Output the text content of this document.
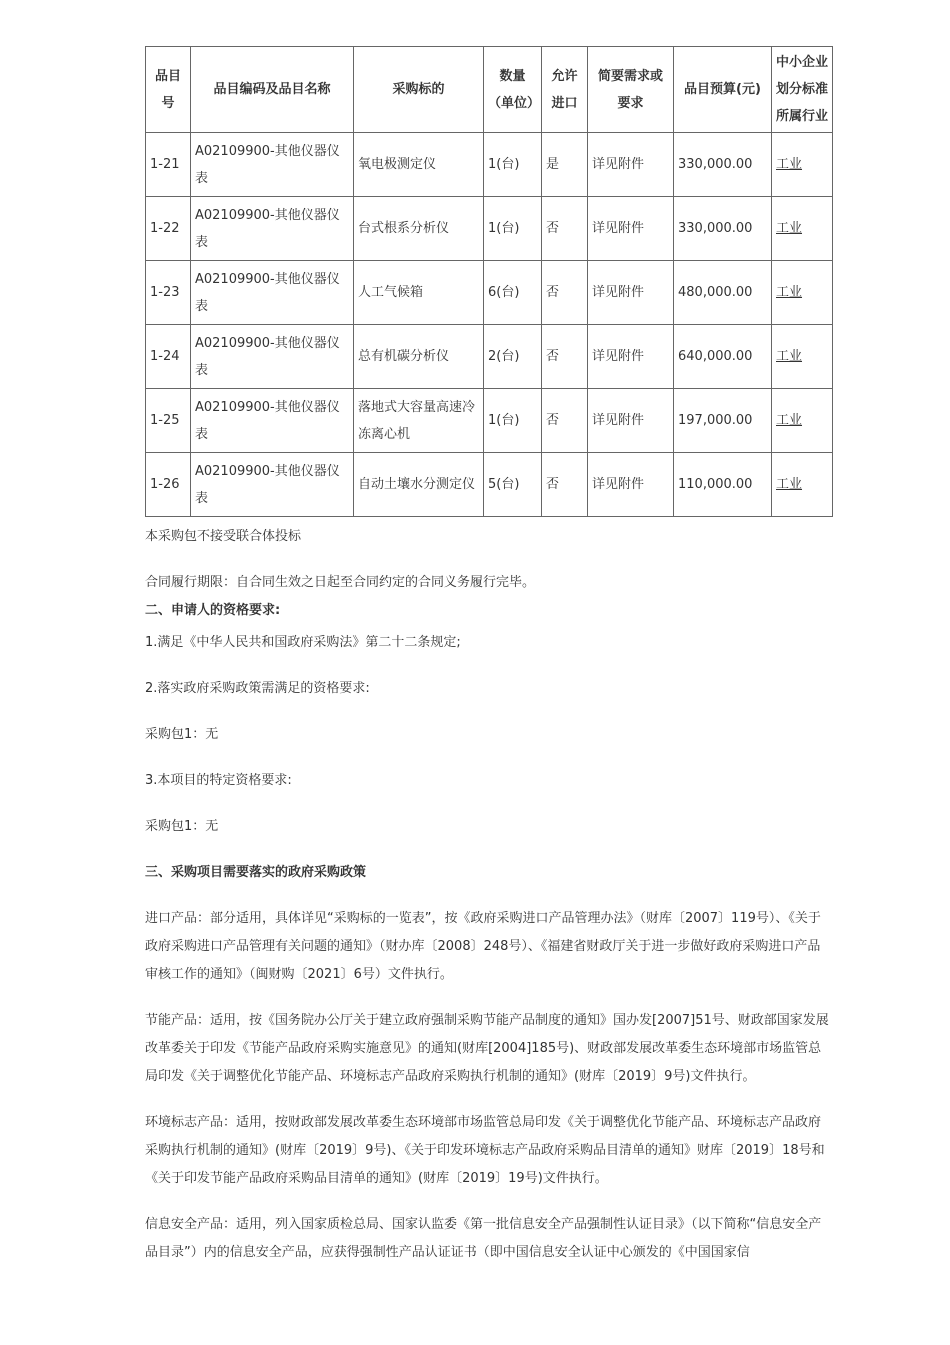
品目号	品目编码及品目名称	采购标的	数量（单位）	允许进口	简要需求或要求	品目预算(元)	中小企业划分标准所属行业
1-21	A02109900-其他仪器仪表	氧电极测定仪	1(台)	是	详见附件	330,000.00	工业
1-22	A02109900-其他仪器仪表	台式根系分析仪	1(台)	否	详见附件	330,000.00	工业
1-23	A02109900-其他仪器仪表	人工气候箱	6(台)	否	详见附件	480,000.00	工业
1-24	A02109900-其他仪器仪表	总有机碳分析仪	2(台)	否	详见附件	640,000.00	工业
1-25	A02109900-其他仪器仪表	落地式大容量高速冷冻离心机	1(台)	否	详见附件	197,000.00	工业
1-26	A02109900-其他仪器仪表	自动土壤水分测定仪	5(台)	否	详见附件	110,000.00	工业

本采购包不接受联合体投标

合同履行期限：自合同生效之日起至合同约定的合同义务履行完毕。

二、申请人的资格要求:

1.满足《中华人民共和国政府采购法》第二十二条规定;

2.落实政府采购政策需满足的资格要求:

采购包1：无

3.本项目的特定资格要求:

采购包1：无

三、采购项目需要落实的政府采购政策

进口产品：部分适用，具体详见“采购标的一览表”，按《政府采购进口产品管理办法》（财库〔2007〕119号）、《关于政府采购进口产品管理有关问题的通知》（财办库〔2008〕248号）、《福建省财政厅关于进一步做好政府采购进口产品审核工作的通知》（闽财购〔2021〕6号）文件执行。

节能产品：适用，按《国务院办公厅关于建立政府强制采购节能产品制度的通知》国办发[2007]51号、财政部国家发展改革委关于印发《节能产品政府采购实施意见》的通知(财库[2004]185号)、财政部发展改革委生态环境部市场监管总局印发《关于调整优化节能产品、环境标志产品政府采购执行机制的通知》(财库〔2019〕9号)文件执行。

环境标志产品：适用，按财政部发展改革委生态环境部市场监管总局印发《关于调整优化节能产品、环境标志产品政府采购执行机制的通知》(财库〔2019〕9号)、《关于印发环境标志产品政府采购品目清单的通知》财库〔2019〕18号和《关于印发节能产品政府采购品目清单的通知》(财库〔2019〕19号)文件执行。

信息安全产品：适用，列入国家质检总局、国家认监委《第一批信息安全产品强制性认证目录》（以下简称“信息安全产品目录”）内的信息安全产品，应获得强制性产品认证证书（即中国信息安全认证中心颁发的《中国国家信
